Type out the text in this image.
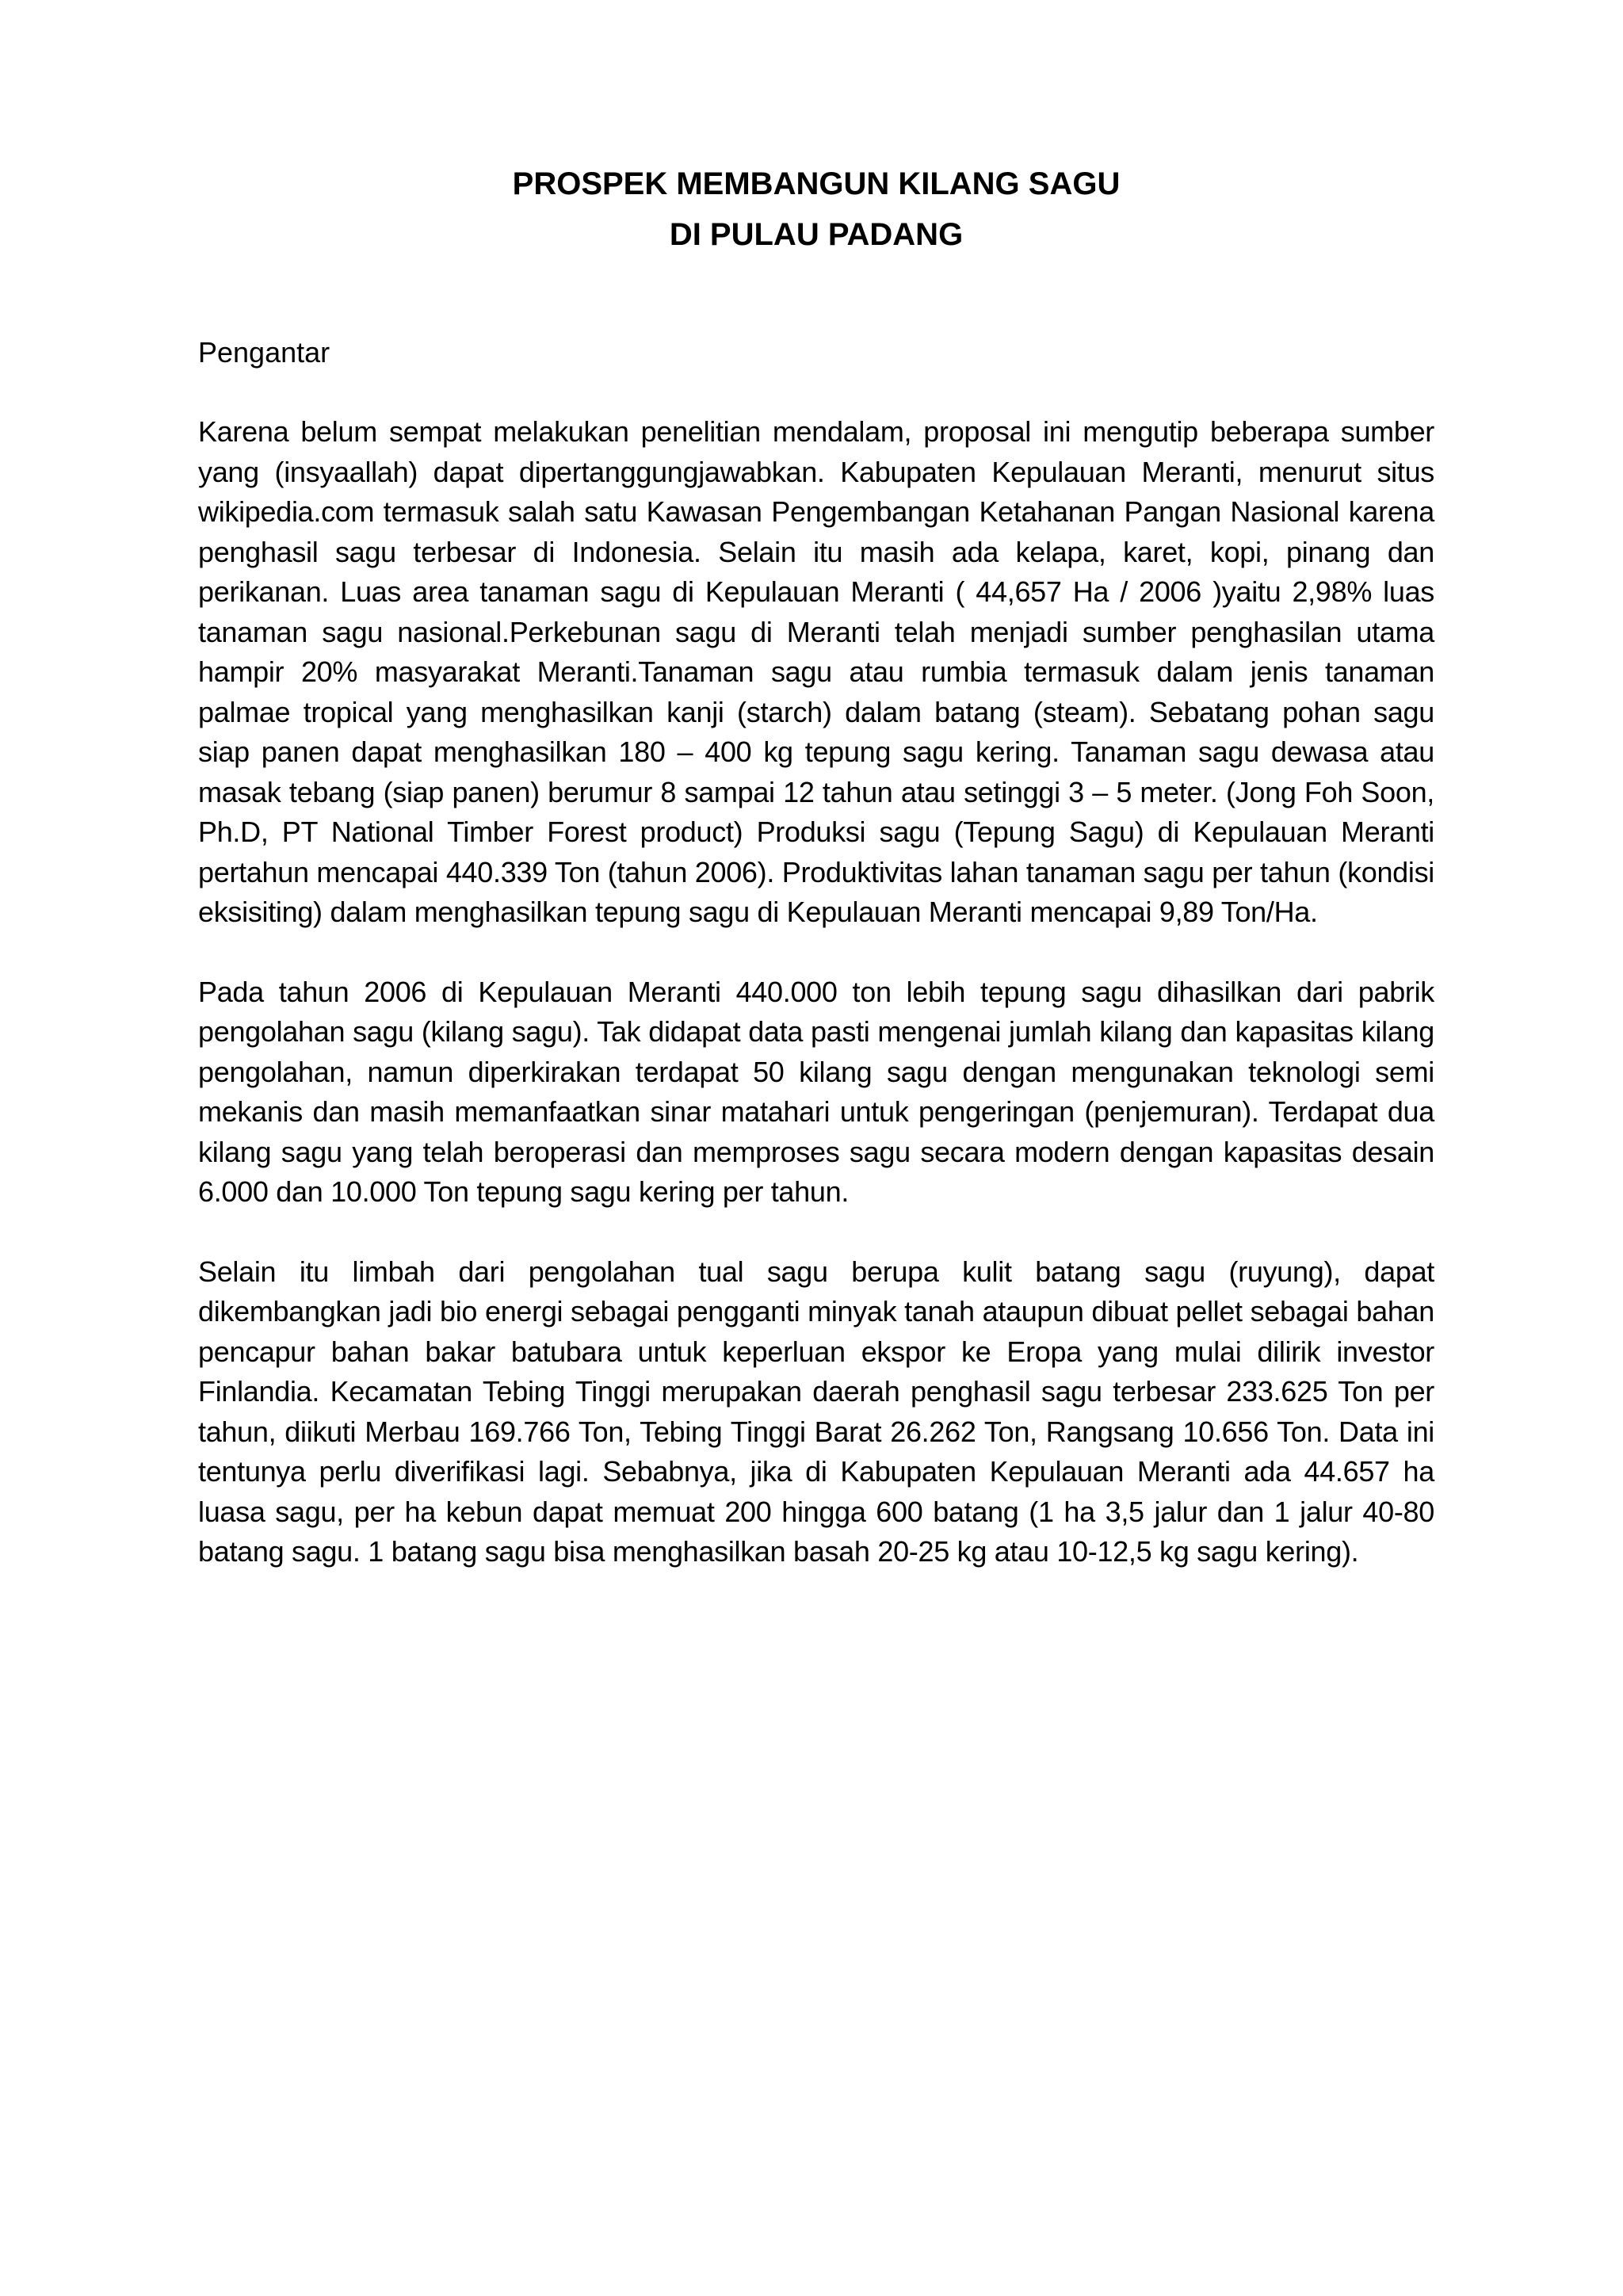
PROSPEK MEMBANGUN KILANG SAGU

DI PULAU PADANG

Pengantar

Karena belum sempat melakukan penelitian mendalam, proposal ini mengutip beberapa sumber yang (insyaallah) dapat dipertanggungjawabkan. Kabupaten Kepulauan Meranti, menurut situs wikipedia.com termasuk salah satu Kawasan Pengembangan Ketahanan Pangan Nasional karena penghasil sagu terbesar di Indonesia. Selain itu masih ada kelapa, karet, kopi, pinang dan perikanan. Luas area tanaman sagu di Kepulauan Meranti ( 44,657 Ha / 2006 )yaitu 2,98% luas tanaman sagu nasional.Perkebunan sagu di Meranti telah menjadi sumber penghasilan utama hampir 20% masyarakat Meranti.Tanaman sagu atau rumbia termasuk dalam jenis tanaman palmae tropical yang menghasilkan kanji (starch) dalam batang (steam). Sebatang pohan sagu siap panen dapat menghasilkan 180 – 400 kg tepung sagu kering. Tanaman sagu dewasa atau masak tebang (siap panen) berumur 8 sampai 12 tahun atau setinggi 3 – 5 meter. (Jong Foh Soon, Ph.D, PT National Timber Forest product) Produksi sagu (Tepung Sagu) di Kepulauan Meranti pertahun mencapai 440.339 Ton (tahun 2006). Produktivitas lahan tanaman sagu per tahun (kondisi eksisiting) dalam menghasilkan tepung sagu di Kepulauan Meranti mencapai 9,89 Ton/Ha.

Pada tahun 2006 di Kepulauan Meranti 440.000 ton lebih tepung sagu dihasilkan dari pabrik pengolahan sagu (kilang sagu). Tak didapat data pasti mengenai jumlah kilang dan kapasitas kilang pengolahan, namun diperkirakan terdapat 50 kilang sagu dengan mengunakan teknologi semi mekanis dan masih memanfaatkan sinar matahari untuk pengeringan (penjemuran). Terdapat dua kilang sagu yang telah beroperasi dan memproses sagu secara modern dengan kapasitas desain 6.000 dan 10.000 Ton tepung sagu kering per tahun.

Selain itu limbah dari pengolahan tual sagu berupa kulit batang sagu (ruyung), dapat dikembangkan jadi bio energi sebagai pengganti minyak tanah ataupun dibuat pellet sebagai bahan pencapur bahan bakar batubara untuk keperluan ekspor ke Eropa yang mulai dilirik investor Finlandia. Kecamatan Tebing Tinggi merupakan daerah penghasil sagu terbesar 233.625 Ton per tahun, diikuti Merbau 169.766 Ton, Tebing Tinggi Barat 26.262 Ton, Rangsang 10.656 Ton. Data ini tentunya perlu diverifikasi lagi. Sebabnya, jika di Kabupaten Kepulauan Meranti ada 44.657 ha luasa sagu, per ha kebun dapat memuat 200 hingga 600 batang (1 ha 3,5 jalur dan 1 jalur 40-80 batang sagu. 1 batang sagu bisa menghasilkan basah 20-25 kg atau 10-12,5 kg sagu kering).
